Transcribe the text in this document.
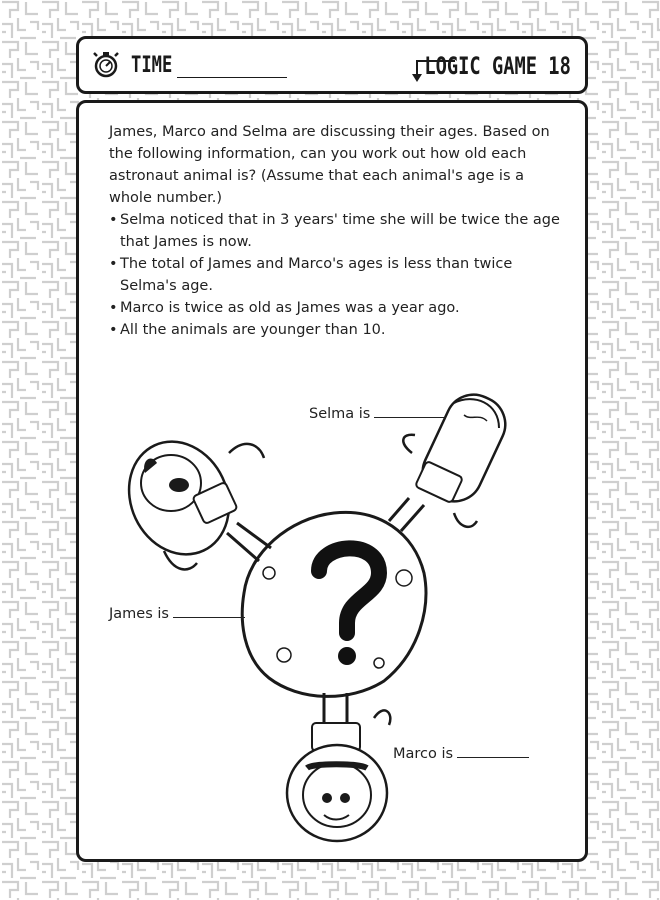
TIME	LOGIC GAME 18

James, Marco and Selma are discussing their ages. Based on the following information, can you work out how old each astronaut animal is? (Assume that each animal's age is a whole number.)

• Selma noticed that in 3 years' time she will be twice the age that James is now.
• The total of James and Marco's ages is less than twice Selma's age.
• Marco is twice as old as James was a year ago.
• All the animals are younger than 10.
Selma is
James is
Marco is
